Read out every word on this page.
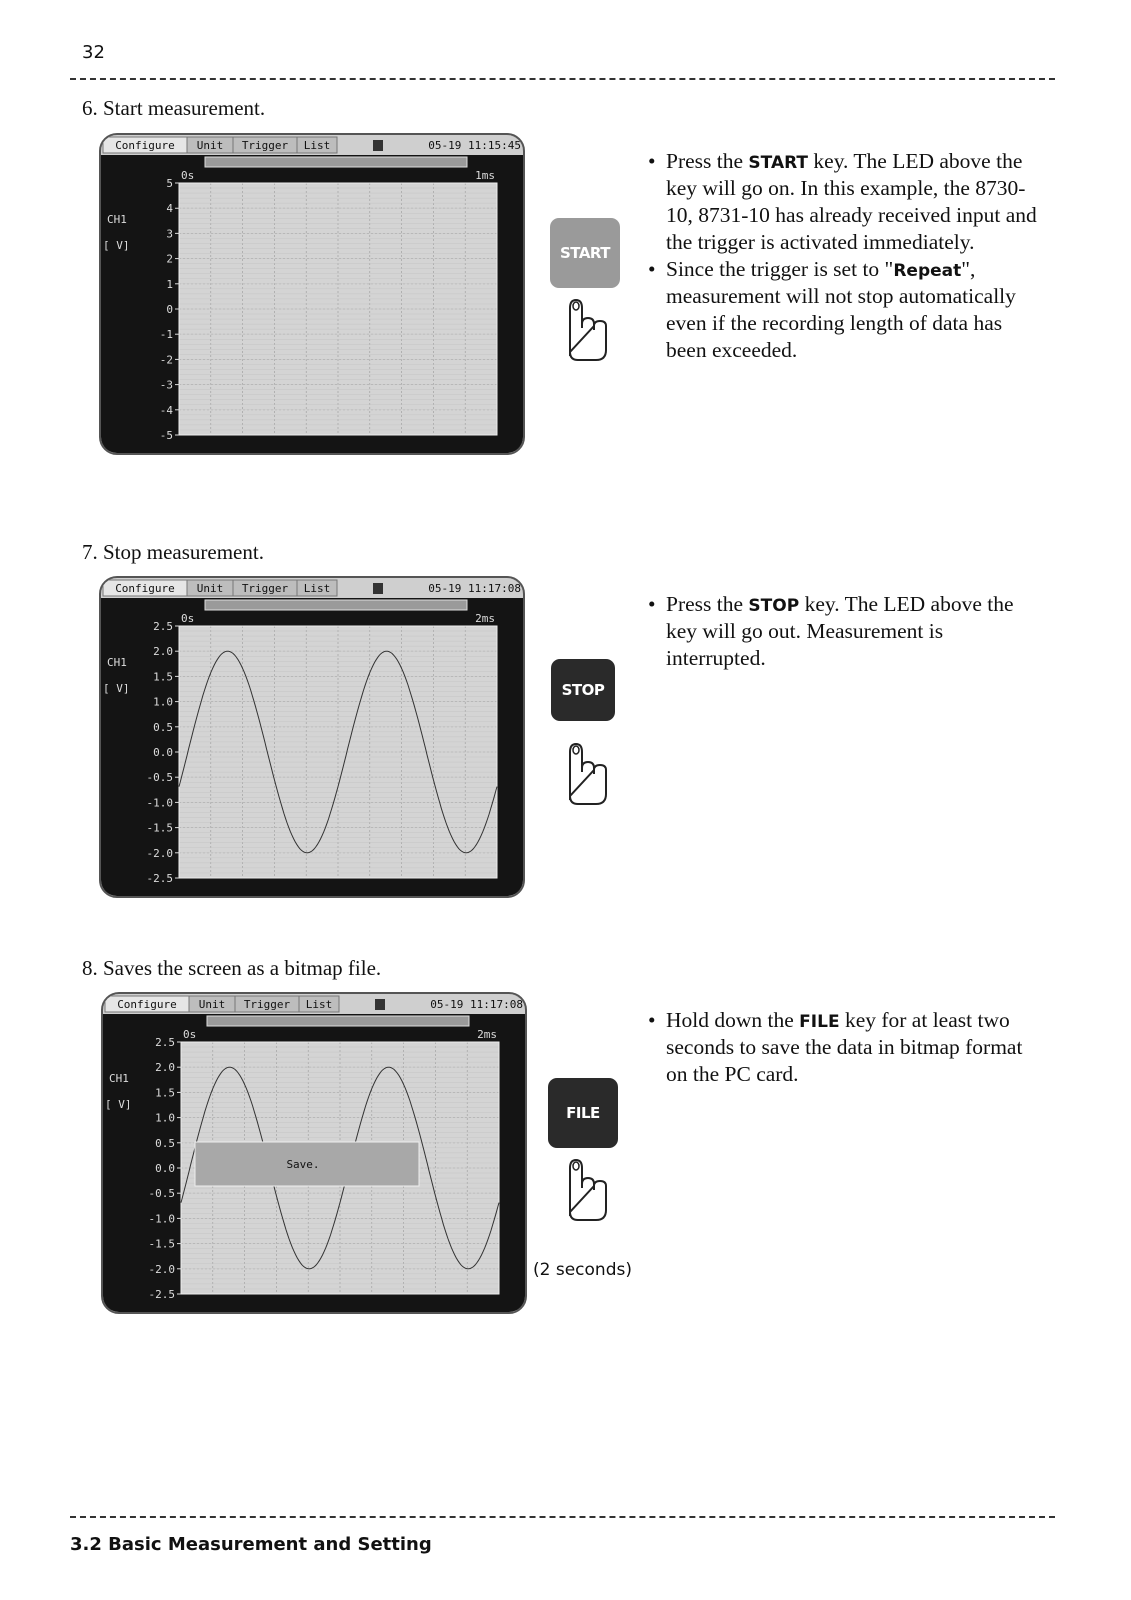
32
6. Start measurement.
Configure Unit Trigger List	05-19 11:15:45
0s	1ms
CH1
[ V]
5
4
3
2
1
0
-1
-2
-3
-4
-5
START
• Press the START key. The LED above the key will go on. In this example, the 8730-10, 8731-10 has already received input and the trigger is activated immediately.
• Since the trigger is set to "Repeat", measurement will not stop automatically even if the recording length of data has been exceeded.
7. Stop measurement.
Configure Unit Trigger List	05-19 11:17:08
0s	2ms
CH1
[ V]
2.5
2.0
1.5
1.0
0.5
0.0
-0.5
-1.0
-1.5
-2.0
-2.5
STOP
• Press the STOP key. The LED above the key will go out. Measurement is interrupted.
8. Saves the screen as a bitmap file.
Configure Unit Trigger List	05-19 11:17:08
0s	2ms
CH1
[ V]
2.5
2.0
1.5
1.0
0.5
0.0
-0.5
-1.0
-1.5
-2.0
-2.5
Save.
FILE
(2 seconds)
• Hold down the FILE key for at least two seconds to save the data in bitmap format on the PC card.
3.2 Basic Measurement and Setting
